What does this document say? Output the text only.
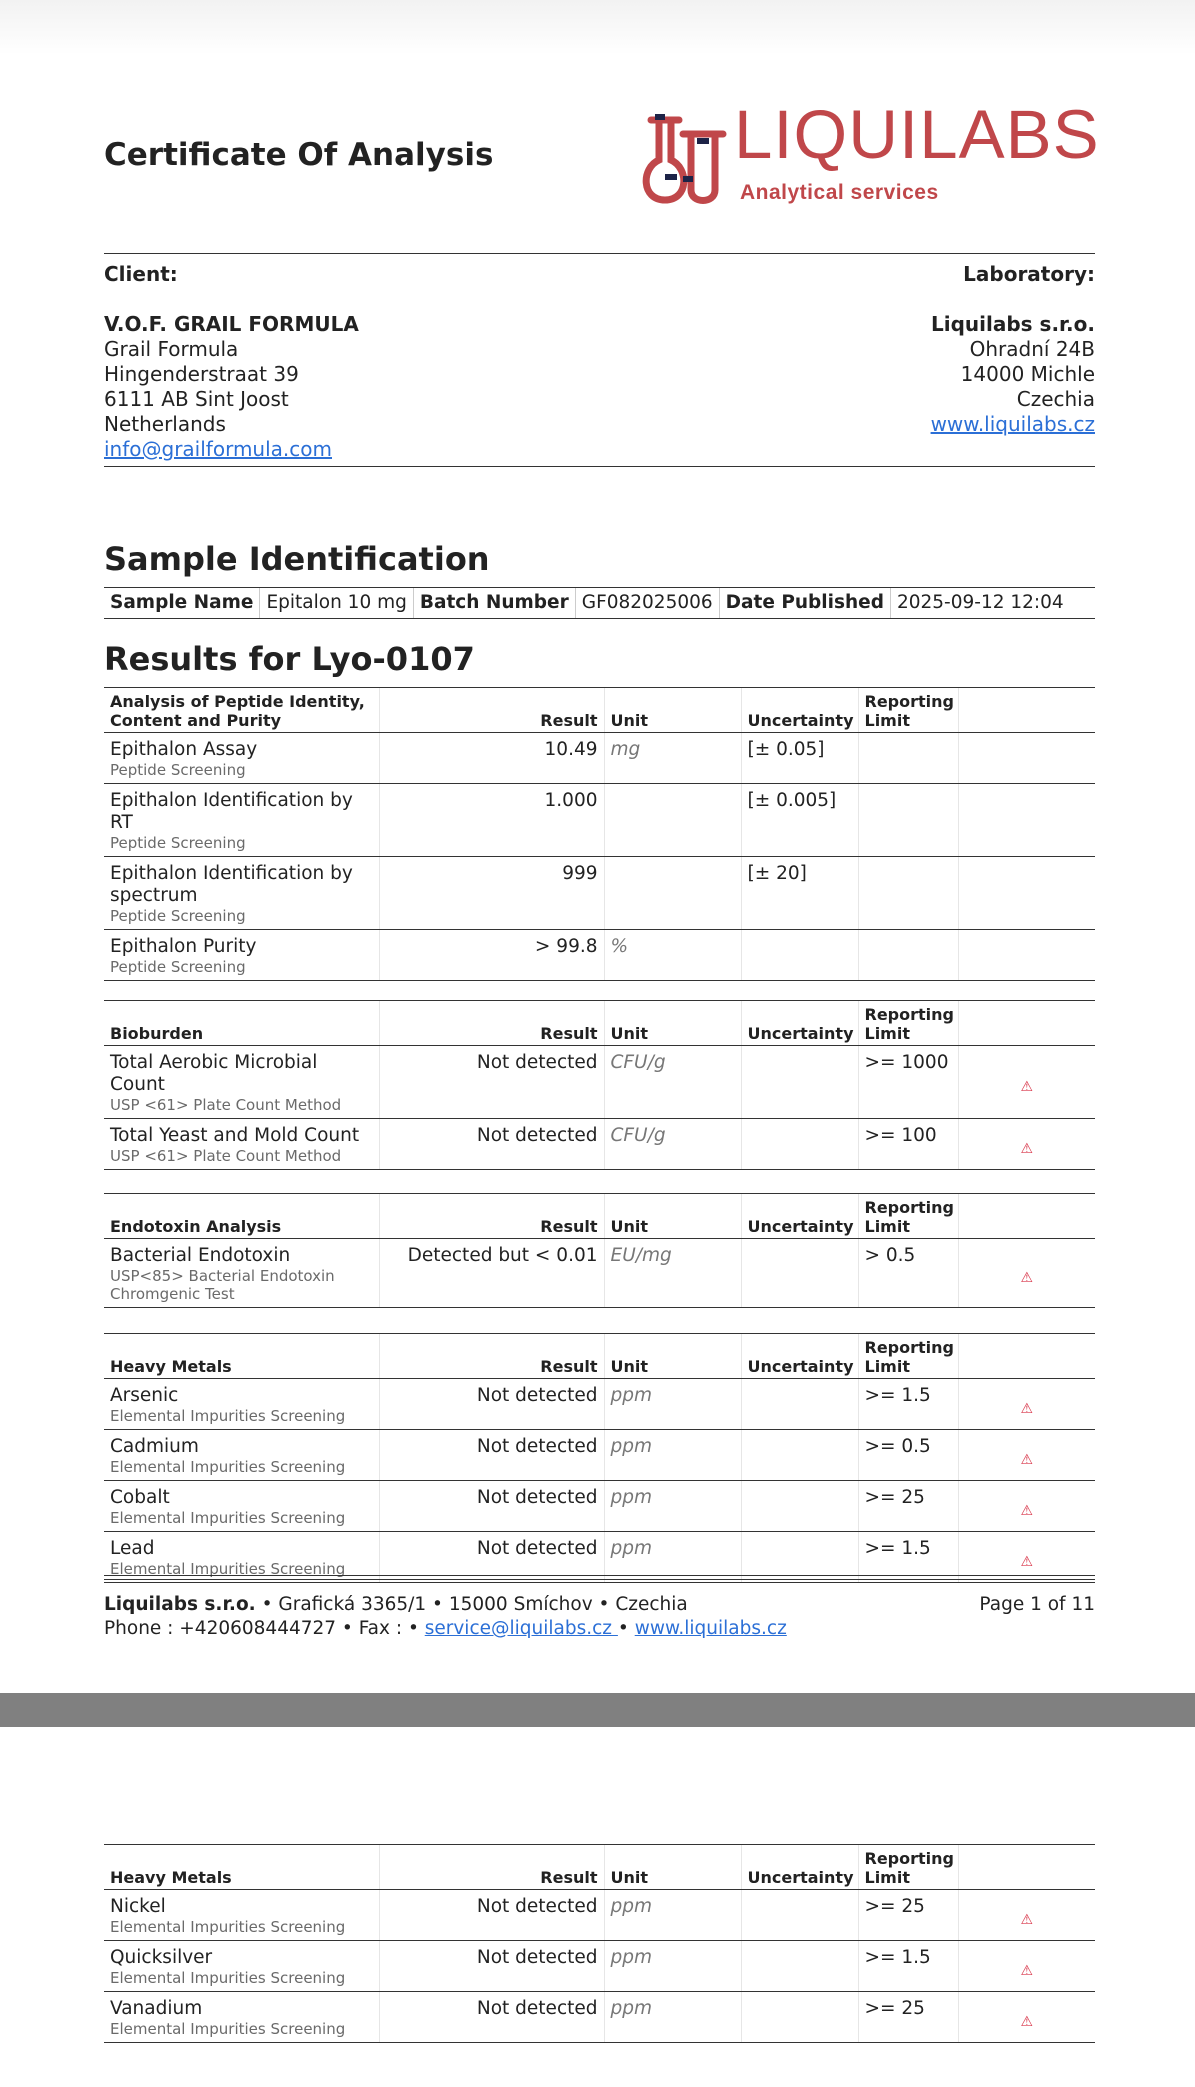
Certificate Of Analysis	LIQUILABS
Analytical services
Client:
V.O.F. GRAIL FORMULA
Grail Formula
Hingenderstraat 39
6111 AB Sint Joost
Netherlands
info@grailformula.com
Laboratory:
Liquilabs s.r.o.
Ohradní 24B
14000 Michle
Czechia
www.liquilabs.cz
Sample Identification
Sample Name Epitalon 10 mg Batch Number GF082025006 Date Published 2025-09-12 12:04
Results for Lyo-0107
Analysis of Peptide Identity, Content and Purity	Result	Unit	Uncertainty	Reporting Limit	
Epithalon Assay
Peptide Screening	10.49	mg	[± 0.05]		
Epithalon Identification by RT
Peptide Screening	1.000		[± 0.005]		
Epithalon Identification by spectrum
Peptide Screening	999		[± 20]		
Epithalon Purity
Peptide Screening	> 99.8	%			
Bioburden	Result	Unit	Uncertainty	Reporting Limit	
Total Aerobic Microbial Count
USP <61> Plate Count Method	Not detected	CFU/g		>= 1000	⚠
Total Yeast and Mold Count
USP <61> Plate Count Method	Not detected	CFU/g		>= 100	⚠
Endotoxin Analysis	Result	Unit	Uncertainty	Reporting Limit	
Bacterial Endotoxin
USP<85> Bacterial Endotoxin Chromgenic Test	Detected but < 0.01	EU/mg		> 0.5	⚠
Heavy Metals	Result	Unit	Uncertainty	Reporting Limit	
Arsenic
Elemental Impurities Screening	Not detected	ppm		>= 1.5	⚠
Cadmium
Elemental Impurities Screening	Not detected	ppm		>= 0.5	⚠
Cobalt
Elemental Impurities Screening	Not detected	ppm		>= 25	⚠
Lead
Elemental Impurities Screening	Not detected	ppm		>= 1.5	⚠
Liquilabs s.r.o. • Grafická 3365/1 • 15000 Smíchov • Czechia
Phone : +420608444727 • Fax : • service@liquilabs.cz • www.liquilabs.cz
Page 1 of 11
Heavy Metals	Result	Unit	Uncertainty	Reporting Limit	
Nickel
Elemental Impurities Screening	Not detected	ppm		>= 25	⚠
Quicksilver
Elemental Impurities Screening	Not detected	ppm		>= 1.5	⚠
Vanadium
Elemental Impurities Screening	Not detected	ppm		>= 25	⚠
